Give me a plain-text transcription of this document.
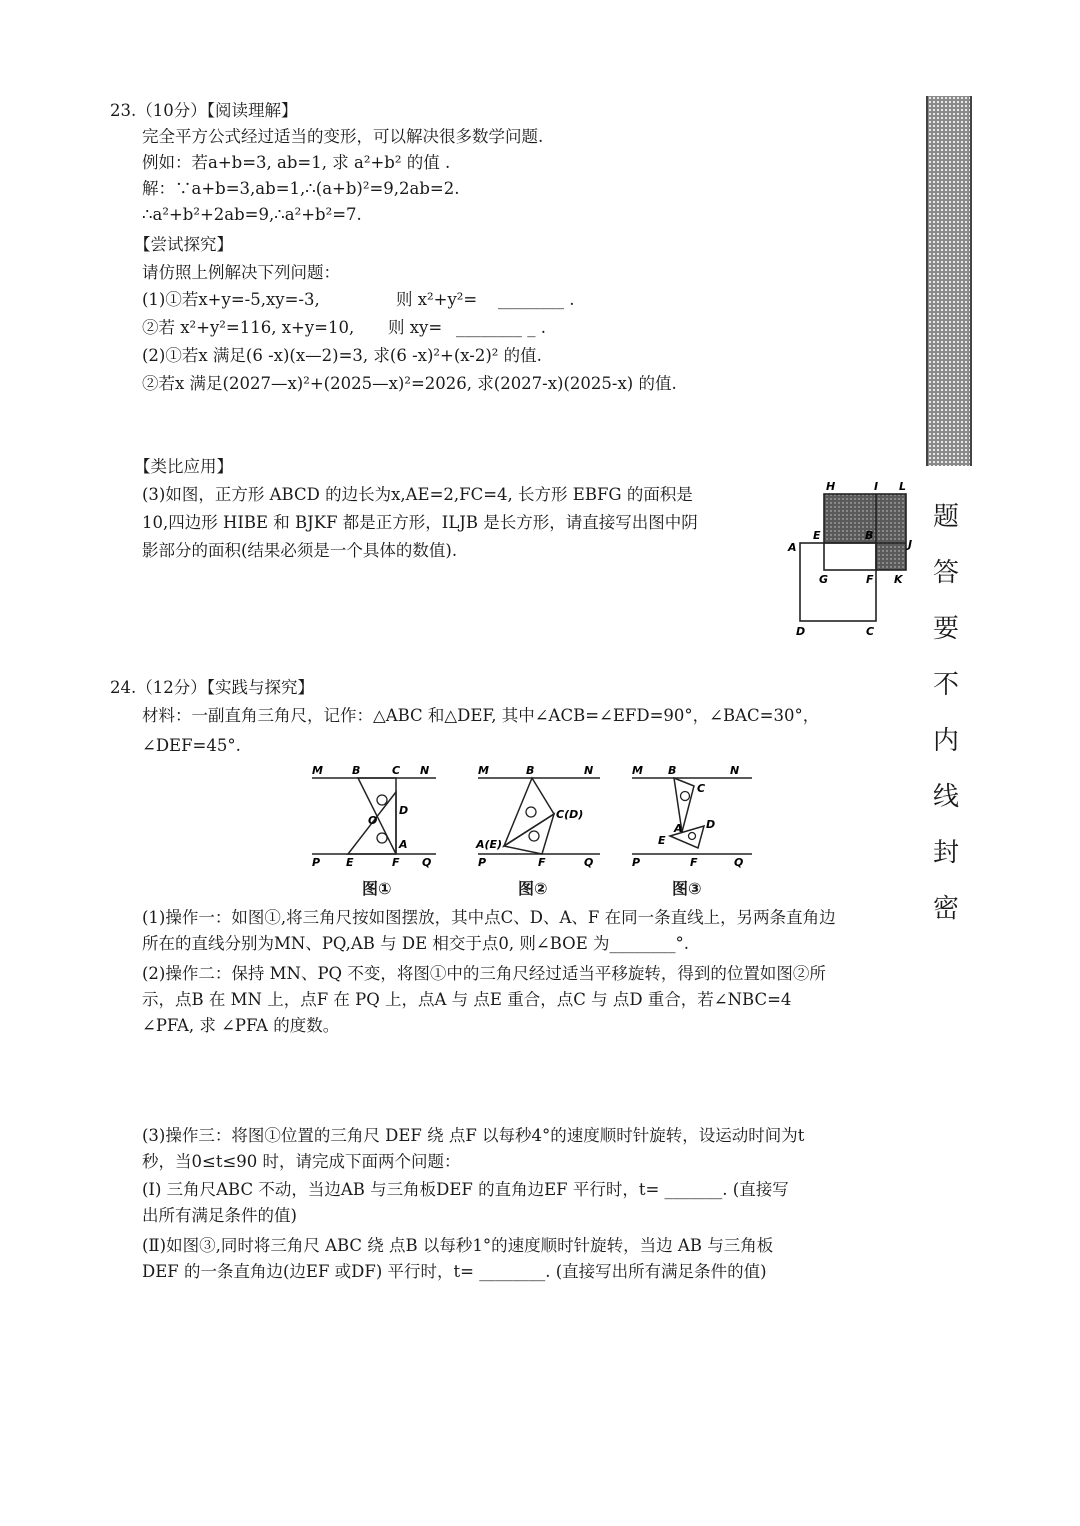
23.（10分）【阅读理解】
完全平方公式经过适当的变形，可以解决很多数学问题.
例如：若a+b=3, ab=1, 求 a²+b² 的值 .
解：∵a+b=3,ab=1,∴(a+b)²=9,2ab=2.
∴a²+b²+2ab=9,∴a²+b²=7.
【尝试探究】
请仿照上例解决下列问题：
(1)①若x+y=-5,xy=-3,	则 x²+y²= ________ .
②若 x²+y²=116, x+y=10, 则 xy= ________ _ .
(2)①若x 满足(6 -x)(x—2)=3, 求(6 -x)²+(x-2)² 的值.
②若x 满足(2027—x)²+(2025—x)²=2026, 求(2027-x)(2025-x) 的值.
【类比应用】
(3)如图，正方形 ABCD 的边长为x,AE=2,FC=4, 长方形 EBFG 的面积是
10,四边形 HIBE 和 BJKF 都是正方形，ILJB 是长方形，请直接写出图中阴
影部分的面积(结果必须是一个具体的数值).
H	I L
A
E	B
J
G	F K
D	C
24.（12分）【实践与探究】
材料：一副直角三角尺，记作：△ABC 和△DEF, 其中∠ACB=∠EFD=90°，∠BAC=30°，
∠DEF=45°.
M	B	C N
D
O
A
P E	F Q
图①
M	B	N
C(D)
A(E)
P	F	Q
图②
M B	N
C
D
A
E
P	F	Q
图③
(1)操作一：如图①,将三角尺按如图摆放，其中点C、D、A、F 在同一条直线上，另两条直角边
所在的直线分别为MN、PQ,AB 与 DE 相交于点0, 则∠BOE 为________°.
(2)操作二：保持 MN、PQ 不变，将图①中的三角尺经过适当平移旋转，得到的位置如图②所
示，点B 在 MN 上，点F 在 PQ 上，点A 与 点E 重合，点C 与 点D 重合，若∠NBC=4
∠PFA, 求 ∠PFA 的度数。
(3)操作三：将图①位置的三角尺 DEF 绕 点F 以每秒4°的速度顺时针旋转，设运动时间为t
秒，当0≤t≤90 时，请完成下面两个问题：
(I) 三角尺ABC 不动，当边AB 与三角板DEF 的直角边EF 平行时，t= _______. (直接写
出所有满足条件的值)
(Ⅱ)如图③,同时将三角尺 ABC 绕 点B 以每秒1°的速度顺时针旋转，当边 AB 与三角板
DEF 的一条直角边(边EF 或DF) 平行时，t= ________. (直接写出所有满足条件的值)
题
答
要
不
内
线
封
密
